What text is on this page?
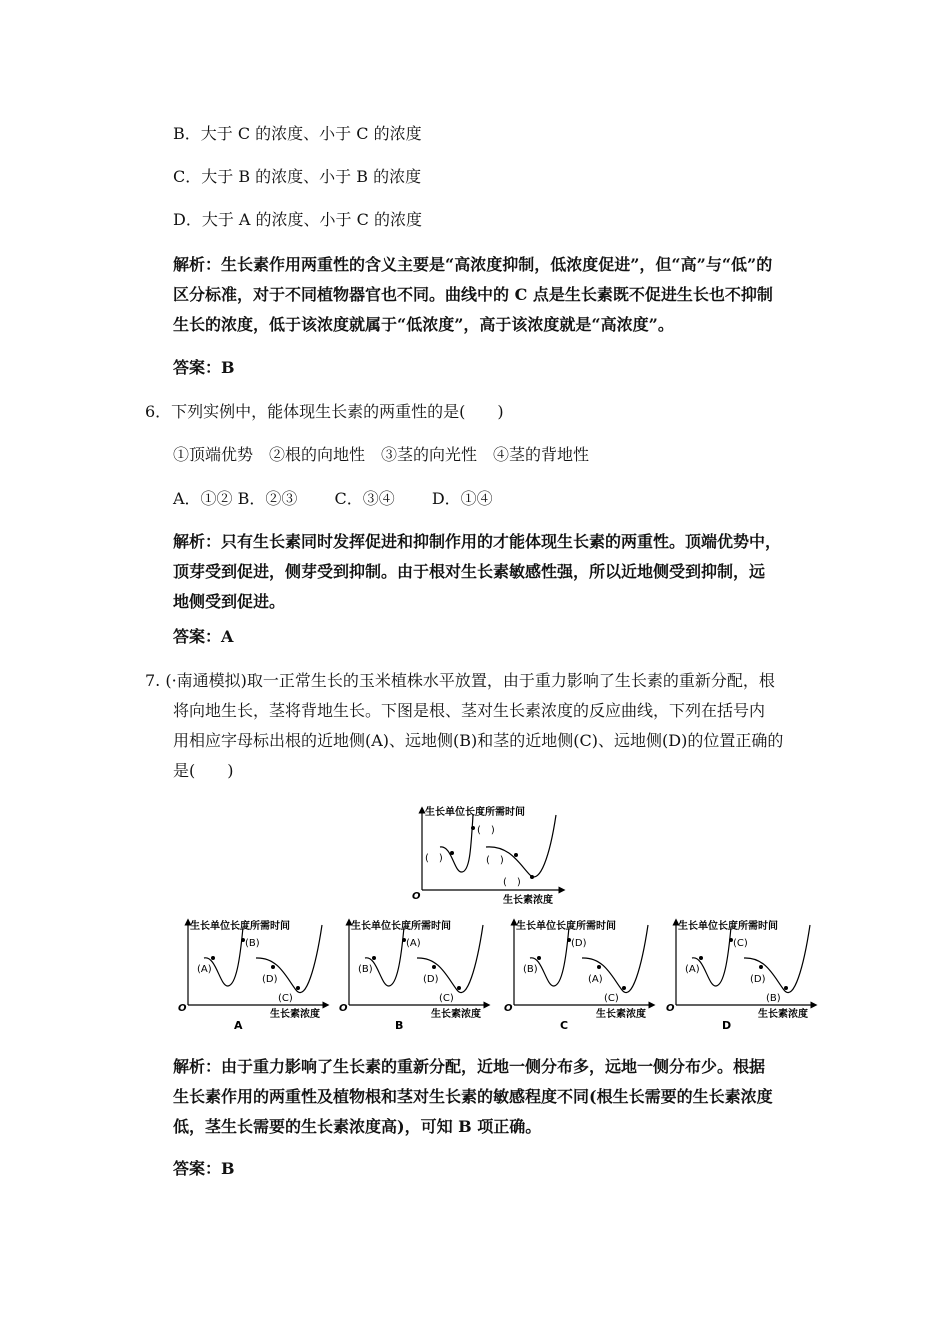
B．大于 C 的浓度、小于 C 的浓度
C．大于 B 的浓度、小于 B 的浓度
D．大于 A 的浓度、小于 C 的浓度
解析：生长素作用两重性的含义主要是“高浓度抑制，低浓度促进”，但“高”与“低”的
区分标准，对于不同植物器官也不同。曲线中的 C 点是生长素既不促进生长也不抑制
生长的浓度，低于该浓度就属于“低浓度”，高于该浓度就是“高浓度”。
答案：B
6．下列实例中，能体现生长素的两重性的是(　　)
①顶端优势　②根的向地性　③茎的向光性　④茎的背地性
A．①② B．②③　　 C．③④　　 D．①④
解析：只有生长素同时发挥促进和抑制作用的才能体现生长素的两重性。顶端优势中，
顶芽受到促进，侧芽受到抑制。由于根对生长素敏感性强，所以近地侧受到抑制，远
地侧受到促进。
答案：A
7. (·南通模拟)取一正常生长的玉米植株水平放置，由于重力影响了生长素的重新分配，根
将向地生长，茎将背地生长。下图是根、茎对生长素浓度的反应曲线，下列在括号内
用相应字母标出根的近地侧(A)、远地侧(B)和茎的近地侧(C)、远地侧(D)的位置正确的
是(　　)
生长单位长度所需时间
生长素浓度
O
(　)
(　)	(　)
(　)
生长单位长度所需时间
生长素浓度
O
A
(A)
(B)
(D)
(C)
生长单位长度所需时间
生长素浓度
O
B
(B)
(A)
(D)
(C)
生长单位长度所需时间
生长素浓度
O
C
(B)
(D)
(A)
(C)
生长单位长度所需时间
生长素浓度
O
D
(A)
(C)
(D)
(B)
解析：由于重力影响了生长素的重新分配，近地一侧分布多，远地一侧分布少。根据
生长素作用的两重性及植物根和茎对生长素的敏感程度不同(根生长需要的生长素浓度
低，茎生长需要的生长素浓度高)，可知 B 项正确。
答案：B
